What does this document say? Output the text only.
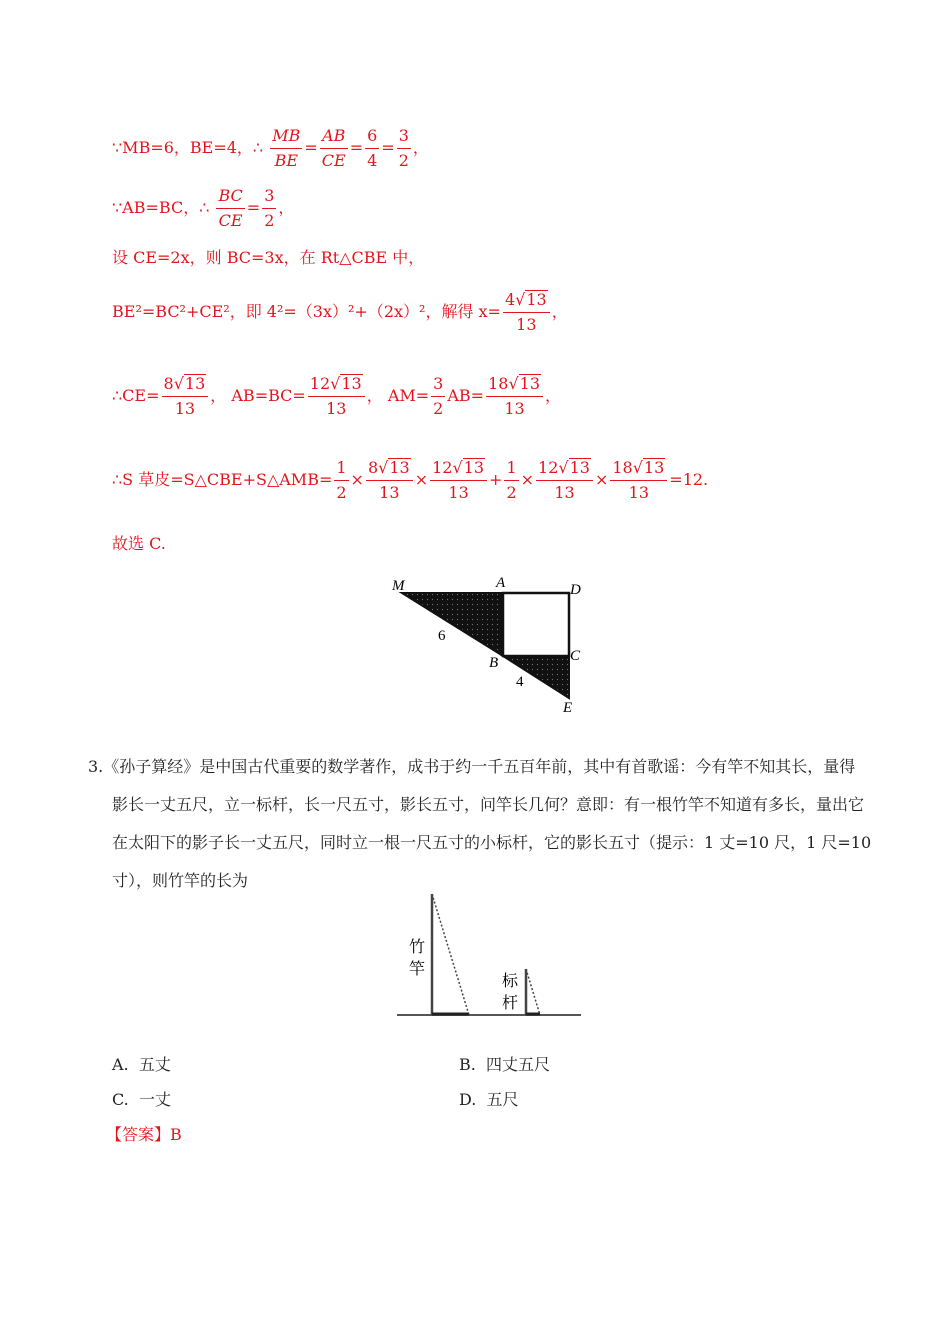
∵MB=6，BE=4，∴ $\frac{MB}{BE} = \frac{AB}{CE} = \frac{6}{4} = \frac{3}{2}$ ，
∵AB=BC，∴ $\frac{BC}{CE} = \frac{3}{2}$ ，
设 CE=2x，则 BC=3x，在 Rt△CBE 中，
BE²=BC²+CE²，即 4²=（3x）²+（2x）²，解得 $x= \frac{4√13}{13}$ ，
∴CE= $\frac{8√13}{13}$ ， $AB=BC= \frac{12√13}{13}$ ， $AM= \frac{3}{2} AB= \frac{18√13}{13}$ ，
∴S 草皮=S△CBE+S△AMB= $\frac{1}{2} \times \frac{8√13}{13} \times \frac{12√13}{13} + \frac{1}{2} \times \frac{12√13}{13} \times \frac{18√13}{13} =12$.
故选 C.
M	A	D
B	C
E
6
4
3.《孙子算经》是中国古代重要的数学著作，成书于约一千五百年前，其中有首歌谣：今有竿不知其长，量得
影长一丈五尺，立一标杆，长一尺五寸，影长五寸，问竿长几何？意即：有一根竹竿不知道有多长，量出它
在太阳下的影子长一丈五尺，同时立一根一尺五寸的小标杆，它的影长五寸（提示：1 丈=10 尺，1 尺=10
寸），则竹竿的长为
竹
竿
标
杆
A. 五丈	B. 四丈五尺
C. 一丈	D. 五尺
【答案】B
